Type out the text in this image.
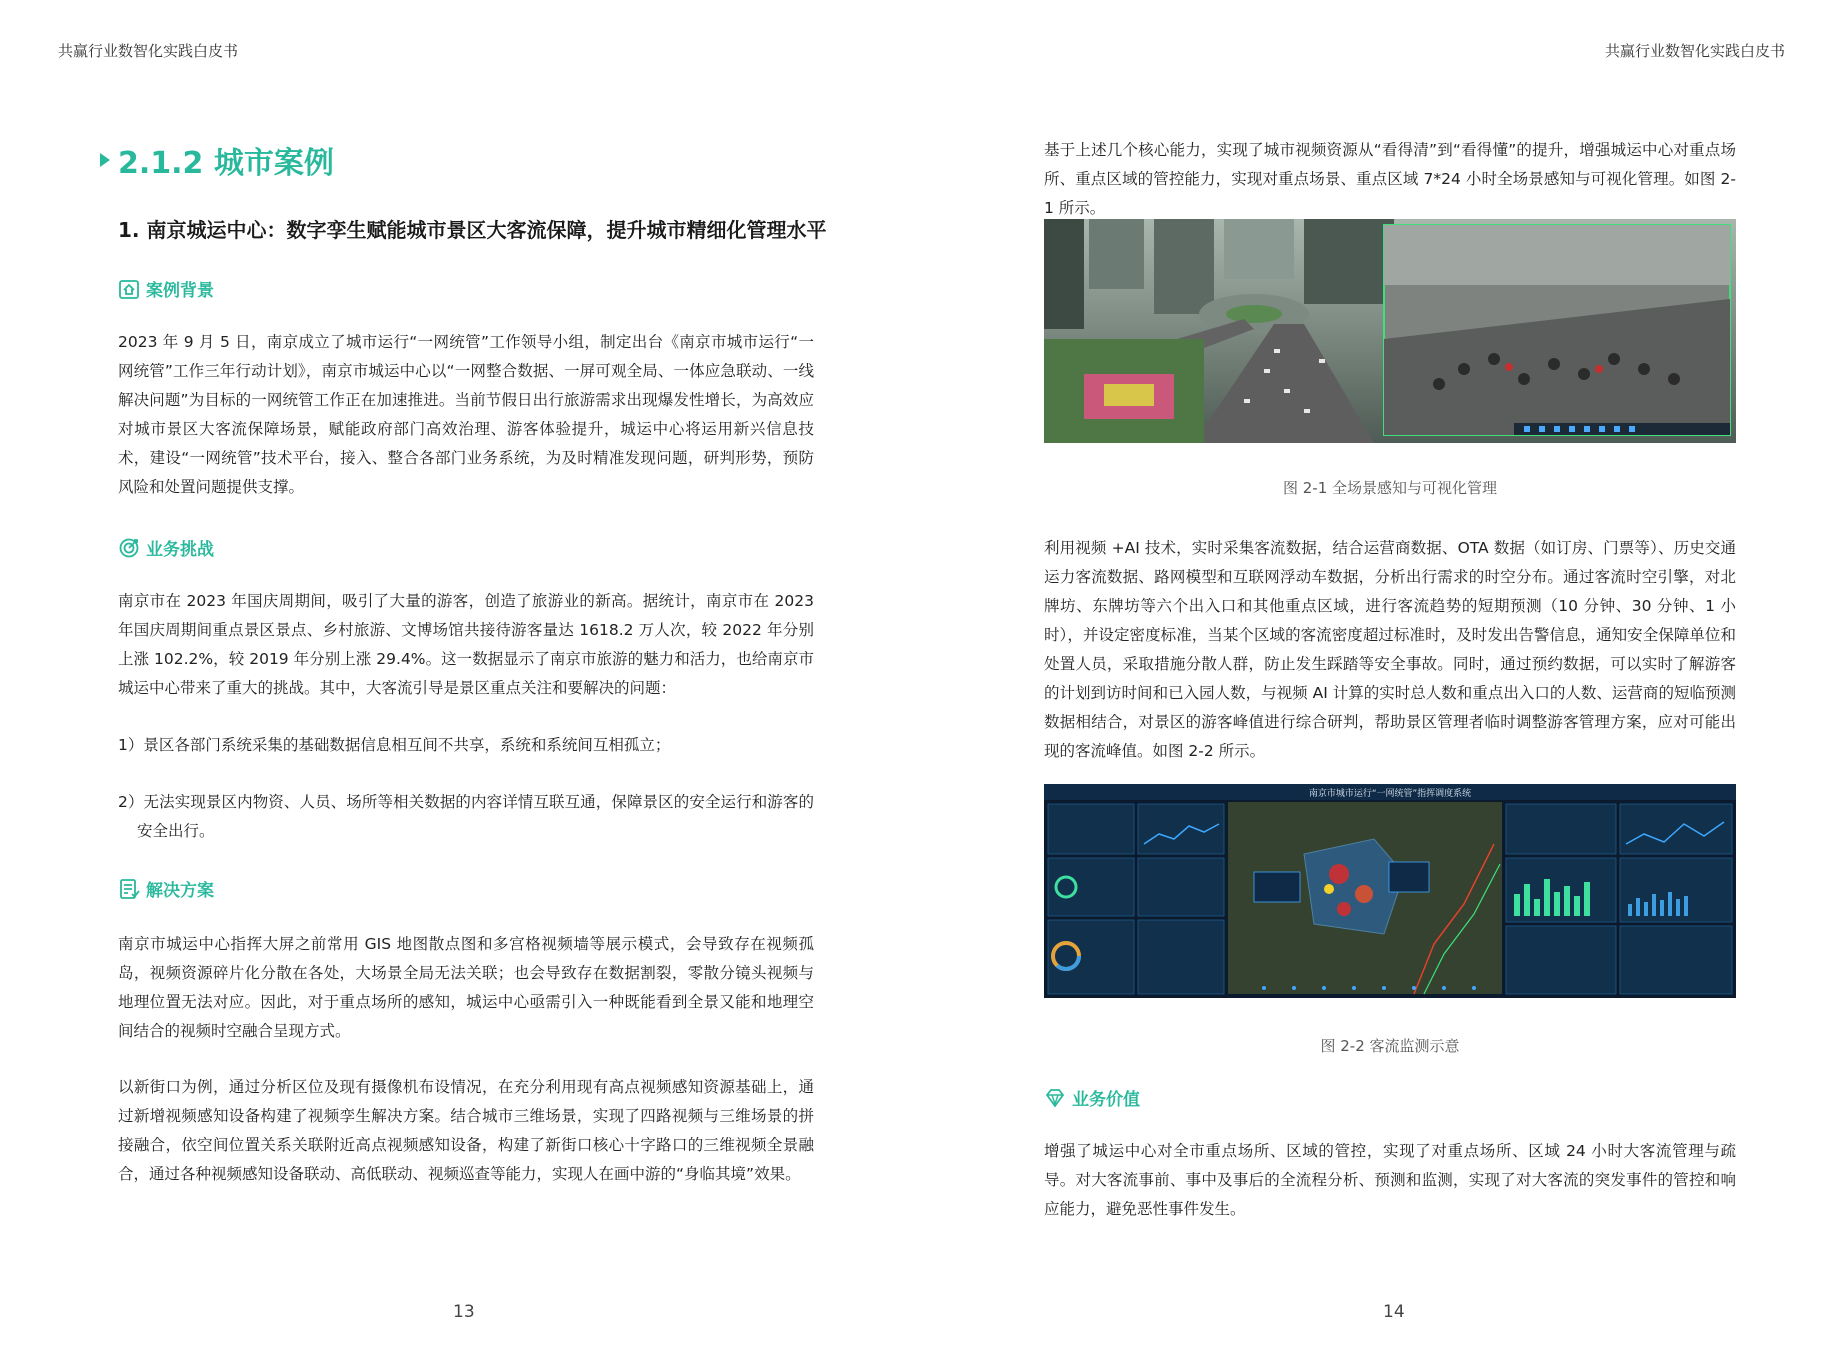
共赢行业数智化实践白皮书	共赢行业数智化实践白皮书
2.1.2 城市案例
1. 南京城运中心：数字孪生赋能城市景区大客流保障，提升城市精细化管理水平
案例背景
2023 年 9 月 5 日，南京成立了城市运行“一网统管”工作领导小组，制定出台《南京市城市运行“一网统管”工作三年行动计划》，南京市城运中心以“一网整合数据、一屏可观全局、一体应急联动、一线解决问题”为目标的一网统管工作正在加速推进。当前节假日出行旅游需求出现爆发性增长，为高效应对城市景区大客流保障场景，赋能政府部门高效治理、游客体验提升，城运中心将运用新兴信息技术，建设“一网统管”技术平台，接入、整合各部门业务系统，为及时精准发现问题，研判形势，预防风险和处置问题提供支撑。
业务挑战
南京市在 2023 年国庆周期间，吸引了大量的游客，创造了旅游业的新高。据统计，南京市在 2023 年国庆周期间重点景区景点、乡村旅游、文博场馆共接待游客量达 1618.2 万人次，较 2022 年分别上涨 102.2%，较 2019 年分别上涨 29.4%。这一数据显示了南京市旅游的魅力和活力，也给南京市城运中心带来了重大的挑战。其中，大客流引导是景区重点关注和要解决的问题：
1）景区各部门系统采集的基础数据信息相互间不共享，系统和系统间互相孤立；
2）无法实现景区内物资、人员、场所等相关数据的内容详情互联互通，保障景区的安全运行和游客的安全出行。
解决方案
南京市城运中心指挥大屏之前常用 GIS 地图散点图和多宫格视频墙等展示模式，会导致存在视频孤岛，视频资源碎片化分散在各处，大场景全局无法关联；也会导致存在数据割裂，零散分镜头视频与地理位置无法对应。因此，对于重点场所的感知，城运中心亟需引入一种既能看到全景又能和地理空间结合的视频时空融合呈现方式。
以新街口为例，通过分析区位及现有摄像机布设情况，在充分利用现有高点视频感知资源基础上，通过新增视频感知设备构建了视频孪生解决方案。结合城市三维场景，实现了四路视频与三维场景的拼接融合，依空间位置关系关联附近高点视频感知设备，构建了新街口核心十字路口的三维视频全景融合，通过各种视频感知设备联动、高低联动、视频巡查等能力，实现人在画中游的“身临其境”效果。
13
基于上述几个核心能力，实现了城市视频资源从“看得清”到“看得懂”的提升，增强城运中心对重点场所、重点区域的管控能力，实现对重点场景、重点区域 7*24 小时全场景感知与可视化管理。如图 2-1 所示。
图 2-1 全场景感知与可视化管理
利用视频 +AI 技术，实时采集客流数据，结合运营商数据、OTA 数据（如订房、门票等）、历史交通运力客流数据、路网模型和互联网浮动车数据，分析出行需求的时空分布。通过客流时空引擎，对北牌坊、东牌坊等六个出入口和其他重点区域，进行客流趋势的短期预测（10 分钟、30 分钟、1 小时），并设定密度标准，当某个区域的客流密度超过标准时，及时发出告警信息，通知安全保障单位和处置人员，采取措施分散人群，防止发生踩踏等安全事故。同时，通过预约数据，可以实时了解游客的计划到访时间和已入园人数，与视频 AI 计算的实时总人数和重点出入口的人数、运营商的短临预测数据相结合，对景区的游客峰值进行综合研判，帮助景区管理者临时调整游客管理方案，应对可能出现的客流峰值。如图 2-2 所示。
南京市城市运行“一网统管”指挥调度系统
图 2-2 客流监测示意
业务价值
增强了城运中心对全市重点场所、区域的管控，实现了对重点场所、区域 24 小时大客流管理与疏导。对大客流事前、事中及事后的全流程分析、预测和监测，实现了对大客流的突发事件的管控和响应能力，避免恶性事件发生。
14
